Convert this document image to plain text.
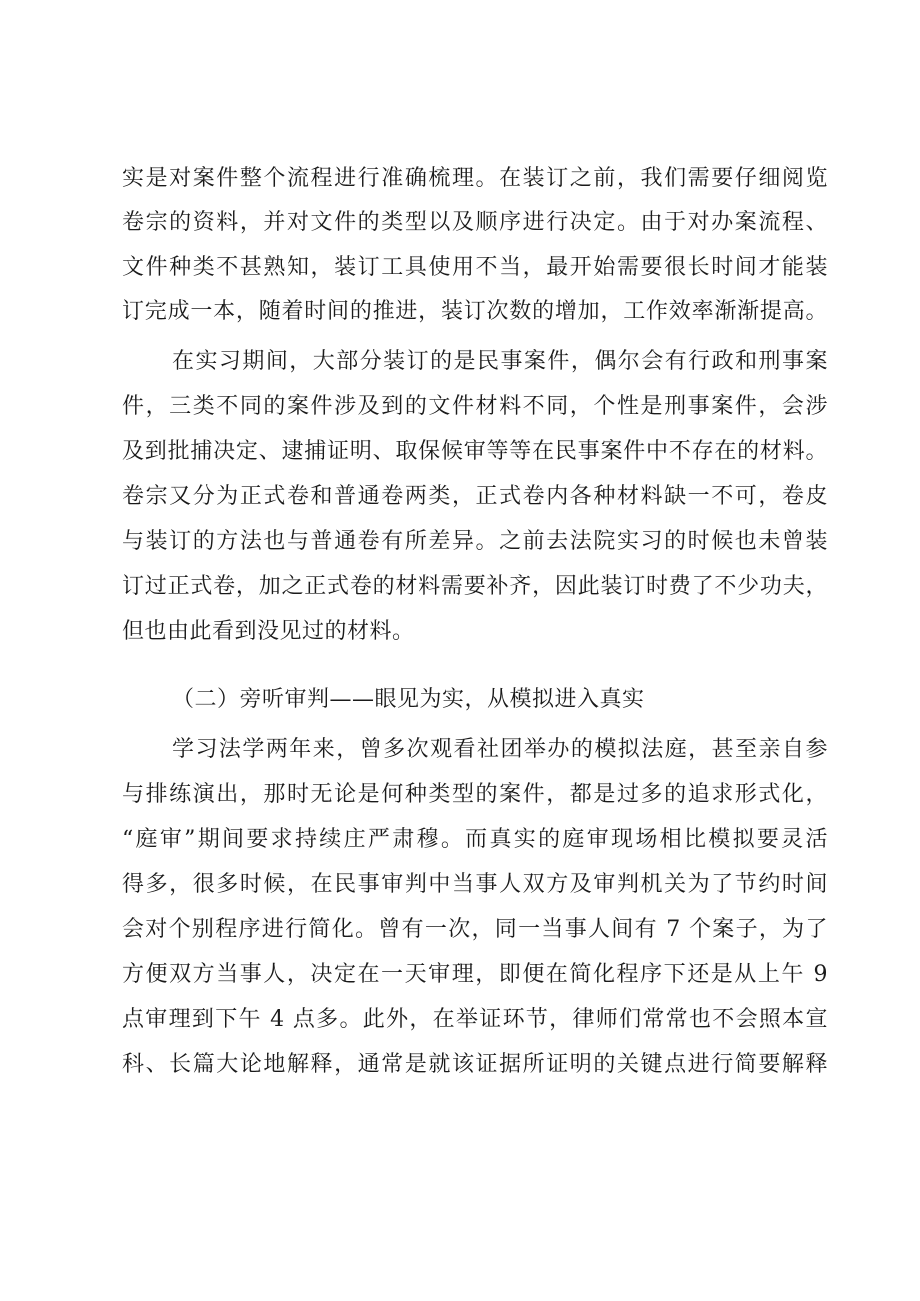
实是对案件整个流程进行准确梳理。在装订之前，我们需要仔细阅览
卷宗的资料，并对文件的类型以及顺序进行决定。由于对办案流程、
文件种类不甚熟知，装订工具使用不当，最开始需要很长时间才能装
订完成一本，随着时间的推进，装订次数的增加，工作效率渐渐提高。
在实习期间，大部分装订的是民事案件，偶尔会有行政和刑事案
件，三类不同的案件涉及到的文件材料不同，个性是刑事案件，会涉
及到批捕决定、逮捕证明、取保候审等等在民事案件中不存在的材料。
卷宗又分为正式卷和普通卷两类，正式卷内各种材料缺一不可，卷皮
与装订的方法也与普通卷有所差异。之前去法院实习的时候也未曾装
订过正式卷，加之正式卷的材料需要补齐，因此装订时费了不少功夫，
但也由此看到没见过的材料。
（二）旁听审判——眼见为实，从模拟进入真实
学习法学两年来，曾多次观看社团举办的模拟法庭，甚至亲自参
与排练演出，那时无论是何种类型的案件，都是过多的追求形式化，
“庭审”期间要求持续庄严肃穆。而真实的庭审现场相比模拟要灵活
得多，很多时候，在民事审判中当事人双方及审判机关为了节约时间
会对个别程序进行简化。曾有一次，同一当事人间有 7 个案子，为了
方便双方当事人，决定在一天审理，即便在简化程序下还是从上午 9
点审理到下午 4 点多。此外，在举证环节，律师们常常也不会照本宣
科、长篇大论地解释，通常是就该证据所证明的关键点进行简要解释
